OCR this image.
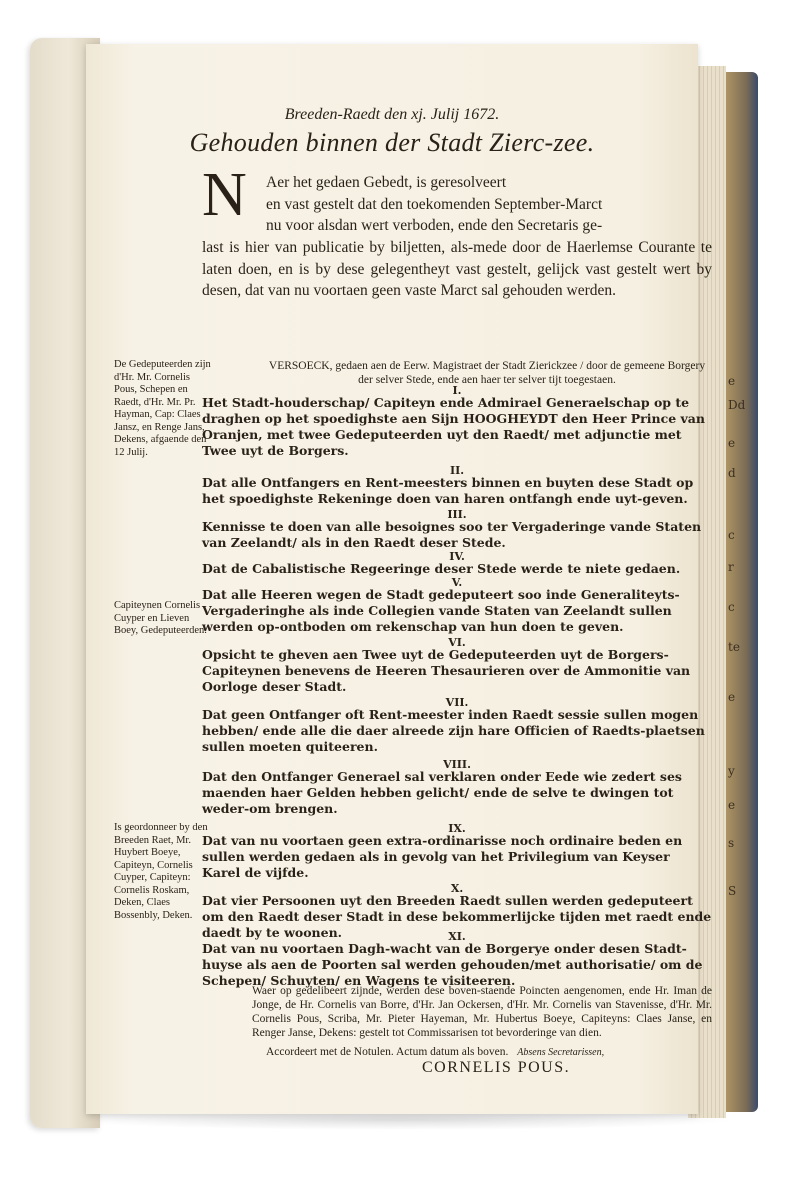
e
Dd
e
d
c
r
c
te
e
y
e
s
S
Breeden-Raedt den xj. Julij 1672.
Gehouden binnen der Stadt Zierc-zee.
N Aer het gedaen Gebedt, is geresolveert
en vast gestelt dat den toekomenden September-Marct
nu voor alsdan wert verboden, ende den Secretaris ge-
last is hier van publicatie by biljetten, als-mede door de Haerlemse Courante te laten doen, en is by dese gelegentheyt vast gestelt, gelijck vast gestelt wert by desen, dat van nu voortaen geen vaste Marct sal gehouden werden.
VERSOECK, gedaen aen de Eerw. Magistraet der Stadt Zierickzee / door de gemeene Borgery der selver Stede, ende aen haer ter selver tijt toegestaen.
De Gedeputeerden zijn d'Hr. Mr. Cornelis Pous, Schepen en Raedt, d'Hr. Mr. Pr. Hayman, Cap: Claes Jansz, en Renge Jans, Dekens, afgaende den 12 Julij.
Capiteynen Cornelis Cuyper en Lieven Boey, Gedeputeerden.
Is geordonneer by den Breeden Raet, Mr. Huybert Boeye, Capiteyn, Cornelis Cuyper, Capiteyn: Cornelis Roskam, Deken, Claes Bossenbly, Deken.
I.
Het Stadt-houderschap/ Capiteyn ende Admirael Generaelschap op te draghen op het spoedighste aen Sijn HOOGHEYDT den Heer Prince van Oranjen, met twee Gedeputeerden uyt den Raedt/ met adjunctie met Twee uyt de Borgers.
II.
Dat alle Ontfangers en Rent-meesters binnen en buyten dese Stadt op het spoedighste Rekeninge doen van haren ontfangh ende uyt-geven.
III.
Kennisse te doen van alle besoignes soo ter Vergaderinge vande Staten van Zeelandt/ als in den Raedt deser Stede.
IV.
Dat de Cabalistische Regeeringe deser Stede werde te niete gedaen.
V.
Dat alle Heeren wegen de Stadt gedeputeert soo inde Generaliteyts-Vergaderinghe als inde Collegien vande Staten van Zeelandt sullen werden op-ontboden om rekenschap van hun doen te geven.
VI.
Opsicht te gheven aen Twee uyt de Gedeputeerden uyt de Borgers-Capiteynen benevens de Heeren Thesaurieren over de Ammonitie van Oorloge deser Stadt.
VII.
Dat geen Ontfanger oft Rent-meester inden Raedt sessie sullen mogen hebben/ ende alle die daer alreede zijn hare Officien of Raedts-plaetsen sullen moeten quiteeren.
VIII.
Dat den Ontfanger Generael sal verklaren onder Eede wie zedert ses maenden haer Gelden hebben gelicht/ ende de selve te dwingen tot weder-om brengen.
IX.
Dat van nu voortaen geen extra-ordinarisse noch ordinaire beden en sullen werden gedaen als in gevolg van het Privilegium van Keyser Karel de vijfde.
X.
Dat vier Persoonen uyt den Breeden Raedt sullen werden gedeputeert om den Raedt deser Stadt in dese bekommerlijcke tijden met raedt ende daedt by te woonen.	XI.
Dat van nu voortaen Dagh-wacht van de Borgerye onder desen Stadt-huyse als aen de Poorten sal werden gehouden/met authorisatie/ om de Schepen/ Schuyten/ en Wagens te visiteeren.
Waer op gedelibeert zijnde, werden dese boven-staende Poincten aengenomen, ende Hr. Iman de Jonge, de Hr. Cornelis van Borre, d'Hr. Jan Ockersen, d'Hr. Mr. Cornelis van Stavenisse, d'Hr. Mr. Cornelis Pous, Scriba, Mr. Pieter Hayeman, Mr. Hubertus Boeye, Capiteyns: Claes Janse, en Renger Janse, Dekens: gestelt tot Commissarisen tot bevorderinge van dien.
Accordeert met de Notulen. Actum datum als boven. Absens Secretarissen,
CORNELIS POUS.
